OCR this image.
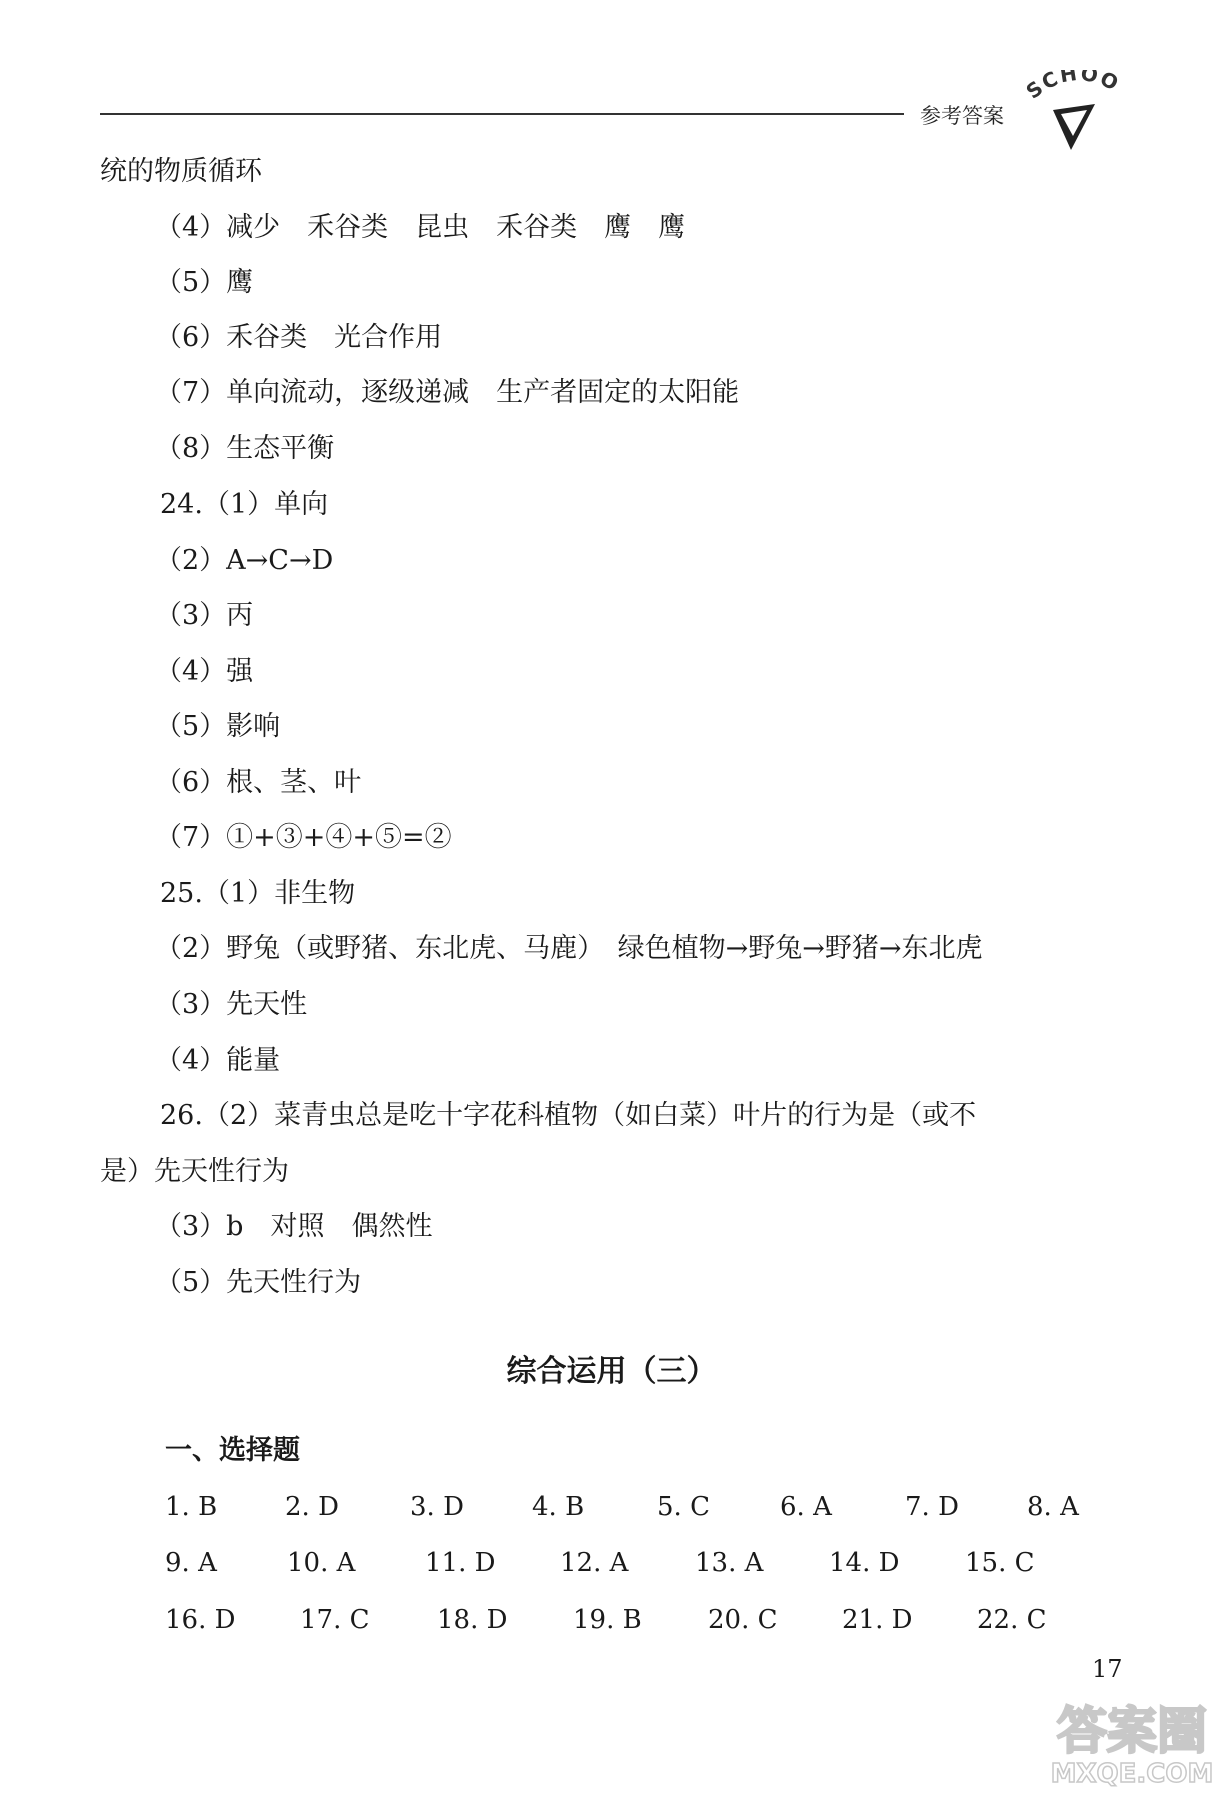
参考答案
SCHOO
统的物质循环
（4）减少　禾谷类　昆虫　禾谷类　鹰　鹰
（5）鹰
（6）禾谷类　光合作用
（7）单向流动，逐级递减　生产者固定的太阳能
（8）生态平衡
24.（1）单向
（2）A→C→D
（3）丙
（4）强
（5）影响
（6）根、茎、叶
（7）①+③+④+⑤=②
25.（1）非生物
（2）野兔（或野猪、东北虎、马鹿）　绿色植物→野兔→野猪→东北虎
（3）先天性
（4）能量
26.（2）菜青虫总是吃十字花科植物（如白菜）叶片的行为是（或不
是）先天性行为
（3）b　对照　偶然性
（5）先天性行为
综合运用（三）
一、选择题
1. B	2. D	3. D	4. B	5. C	6. A	7. D	8. A
9. A	10. A	11. D 12. A	13. A	14. D	15. C
16. D 17. C	18. D	19. B	20. C 21. D 22. C
17
答案圈
MXQE.COM
